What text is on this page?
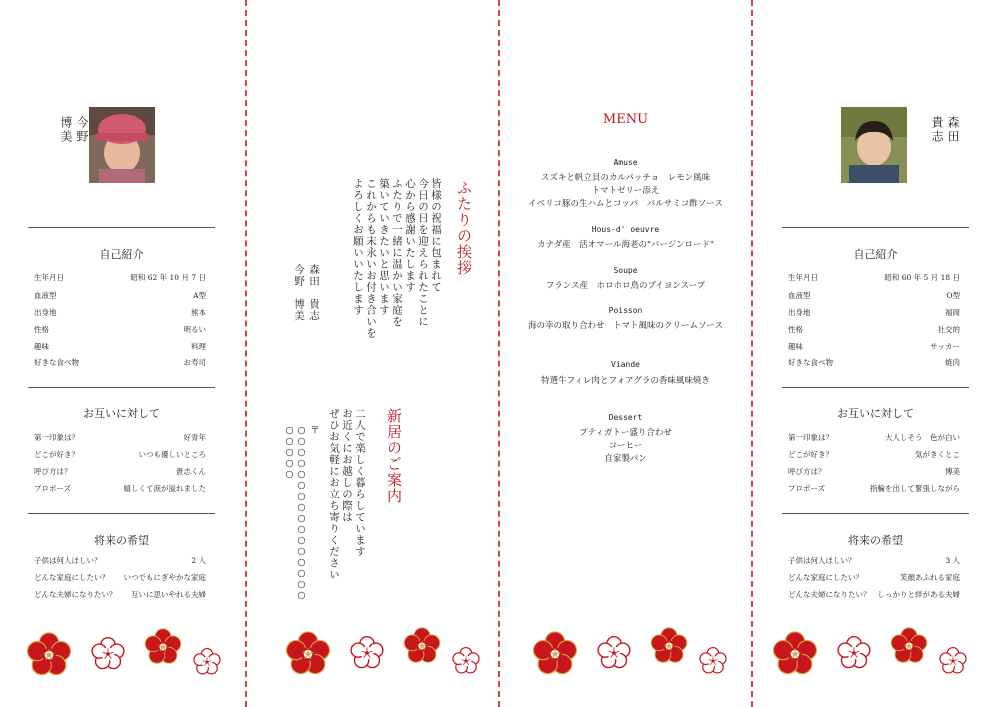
今野
博美
自己紹介
生年月日	昭和 62 年 10 月 7 日
血液型	A型
出身地	熊本
性格	明るい
趣味	料理
好きな食べ物	お寿司
お互いに対して
第一印象は？	好青年
どこが好き？	いつも優しいところ
呼び方は？	貴志くん
プロポーズ	嬉しくて涙が溢れました
将来の希望
子供は何人ほしい？	2 人
どんな家庭にしたい？ いつでもにぎやかな家庭
どんな夫婦になりたい？ 互いに思いやれる夫婦
ふたりの挨拶
皆様の祝福に包まれて
今日の日を迎えられたことに
心から感謝いたします
ふたりで一緒に温かい家庭を
築いていきたいと思います
これからも末永いお付き合いを
よろしくお願いいたします
森田　貴志
今野　博美
新居のご案内
二人で楽しく暮らしています
お近くにお越しの際は
ぜひお気軽にお立ち寄りください
〒
○○○○○○○○○○○○○○○○
○○○○○
MENU
Amuse
スズキと帆立貝のカルパッチョ　レモン風味
トマトゼリー添え
イベリコ豚の生ハムとコッパ　バルサミコ酢ソース
Hous-d' oeuvre
カナダ産　活オマール海老の"バージンロード"
Soupe
フランス産　ホロホロ鳥のブイヨンスープ
Poisson
海の幸の取り合わせ　トマト風味のクリームソース
Viande
特選牛フィレ肉とフォアグラの香味風味焼き
Dessert
プティガトー盛り合わせ
コーヒー
自家製パン
森田
貴志
自己紹介
生年月日	昭和 60 年 5 月 18 日
血液型	O型
出身地	福岡
性格	社交的
趣味	サッカー
好きな食べ物	焼肉
お互いに対して
第一印象は？	大人しそう　色が白い
どこが好き？	気がきくとこ
呼び方は？	博美
プロポーズ	指輪を出して緊張しながら
将来の希望
子供は何人ほしい？	3 人
どんな家庭にしたい？	笑顔あふれる家庭
どんな夫婦になりたい？ しっかりと絆がある夫婦
